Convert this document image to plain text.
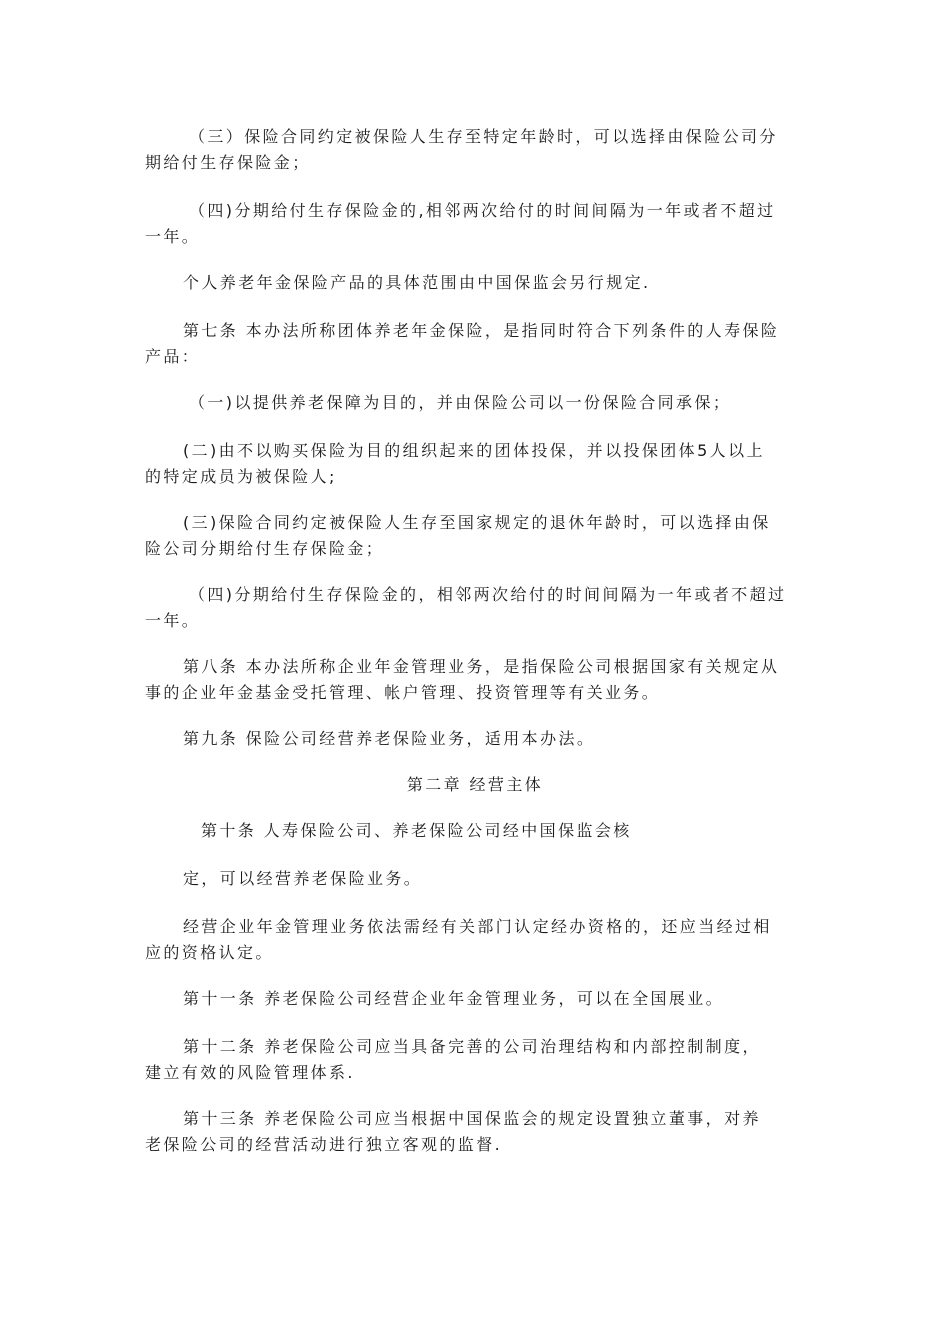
（三）保险合同约定被保险人生存至特定年龄时，可以选择由保险公司分
期给付生存保险金；

（四)分期给付生存保险金的,相邻两次给付的时间间隔为一年或者不超过
一年。

个人养老年金保险产品的具体范围由中国保监会另行规定.

第七条 本办法所称团体养老年金保险，是指同时符合下列条件的人寿保险
产品：

（一)以提供养老保障为目的，并由保险公司以一份保险合同承保；

(二)由不以购买保险为目的组织起来的团体投保，并以投保团体5人以上
的特定成员为被保险人;

(三)保险合同约定被保险人生存至国家规定的退休年龄时，可以选择由保
险公司分期给付生存保险金；

（四)分期给付生存保险金的，相邻两次给付的时间间隔为一年或者不超过
一年。

第八条 本办法所称企业年金管理业务，是指保险公司根据国家有关规定从
事的企业年金基金受托管理、帐户管理、投资管理等有关业务。

第九条 保险公司经营养老保险业务，适用本办法。

第二章 经营主体

第十条 人寿保险公司、养老保险公司经中国保监会核

定，可以经营养老保险业务。

经营企业年金管理业务依法需经有关部门认定经办资格的，还应当经过相
应的资格认定。

第十一条 养老保险公司经营企业年金管理业务，可以在全国展业。

第十二条 养老保险公司应当具备完善的公司治理结构和内部控制制度，
建立有效的风险管理体系.

第十三条 养老保险公司应当根据中国保监会的规定设置独立董事，对养
老保险公司的经营活动进行独立客观的监督.
